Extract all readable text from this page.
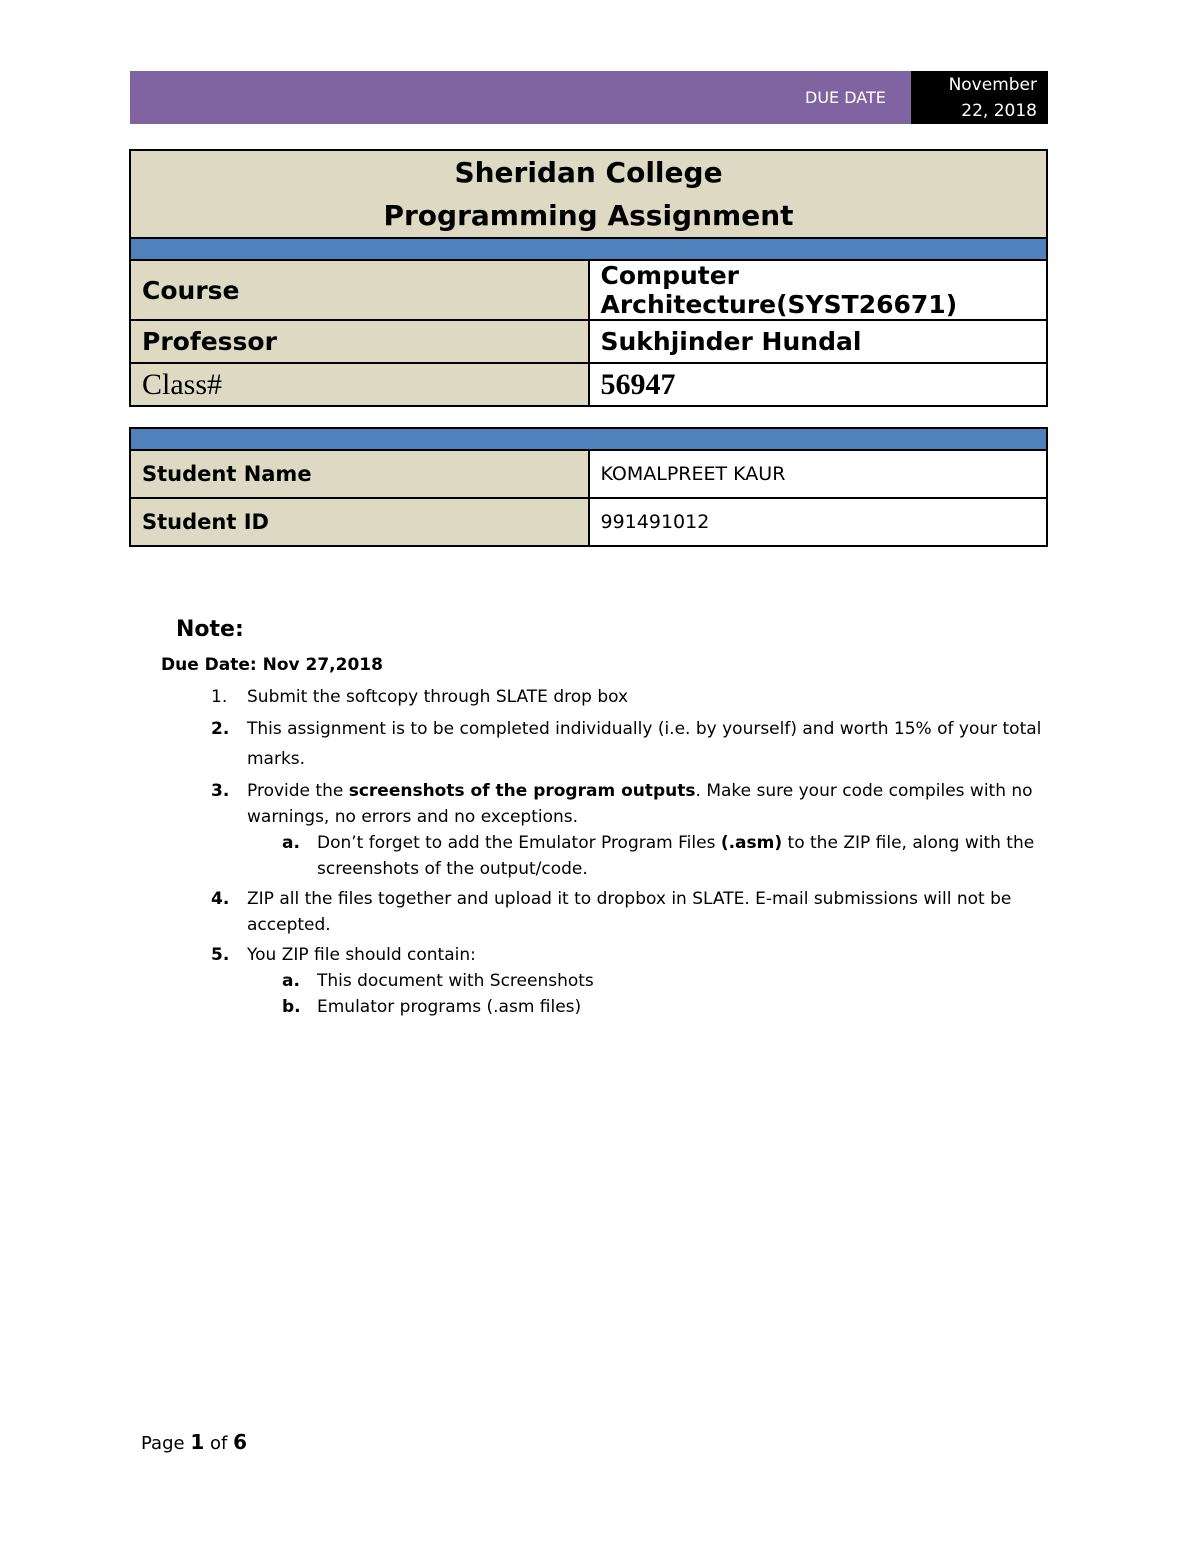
DUE DATE
November
22, 2018
Sheridan College
Programming Assignment	

Course	Computer Architecture(SYST26671)
Professor	Sukhjinder Hundal
Class#	56947

Student Name	KOMALPREET KAUR
Student ID	991491012
Note:
Due Date: Nov 27,2018
1. Submit the softcopy through SLATE drop box
2. This assignment is to be completed individually (i.e. by yourself) and worth 15% of your total marks.
3. Provide the screenshots of the program outputs. Make sure your code compiles with no warnings, no errors and no exceptions.
a. Don’t forget to add the Emulator Program Files (.asm) to the ZIP file, along with the screenshots of the output/code.
4. ZIP all the files together and upload it to dropbox in SLATE. E-mail submissions will not be accepted.
5. You ZIP file should contain:
a. This document with Screenshots
b. Emulator programs (.asm files)
Page 1 of 6
